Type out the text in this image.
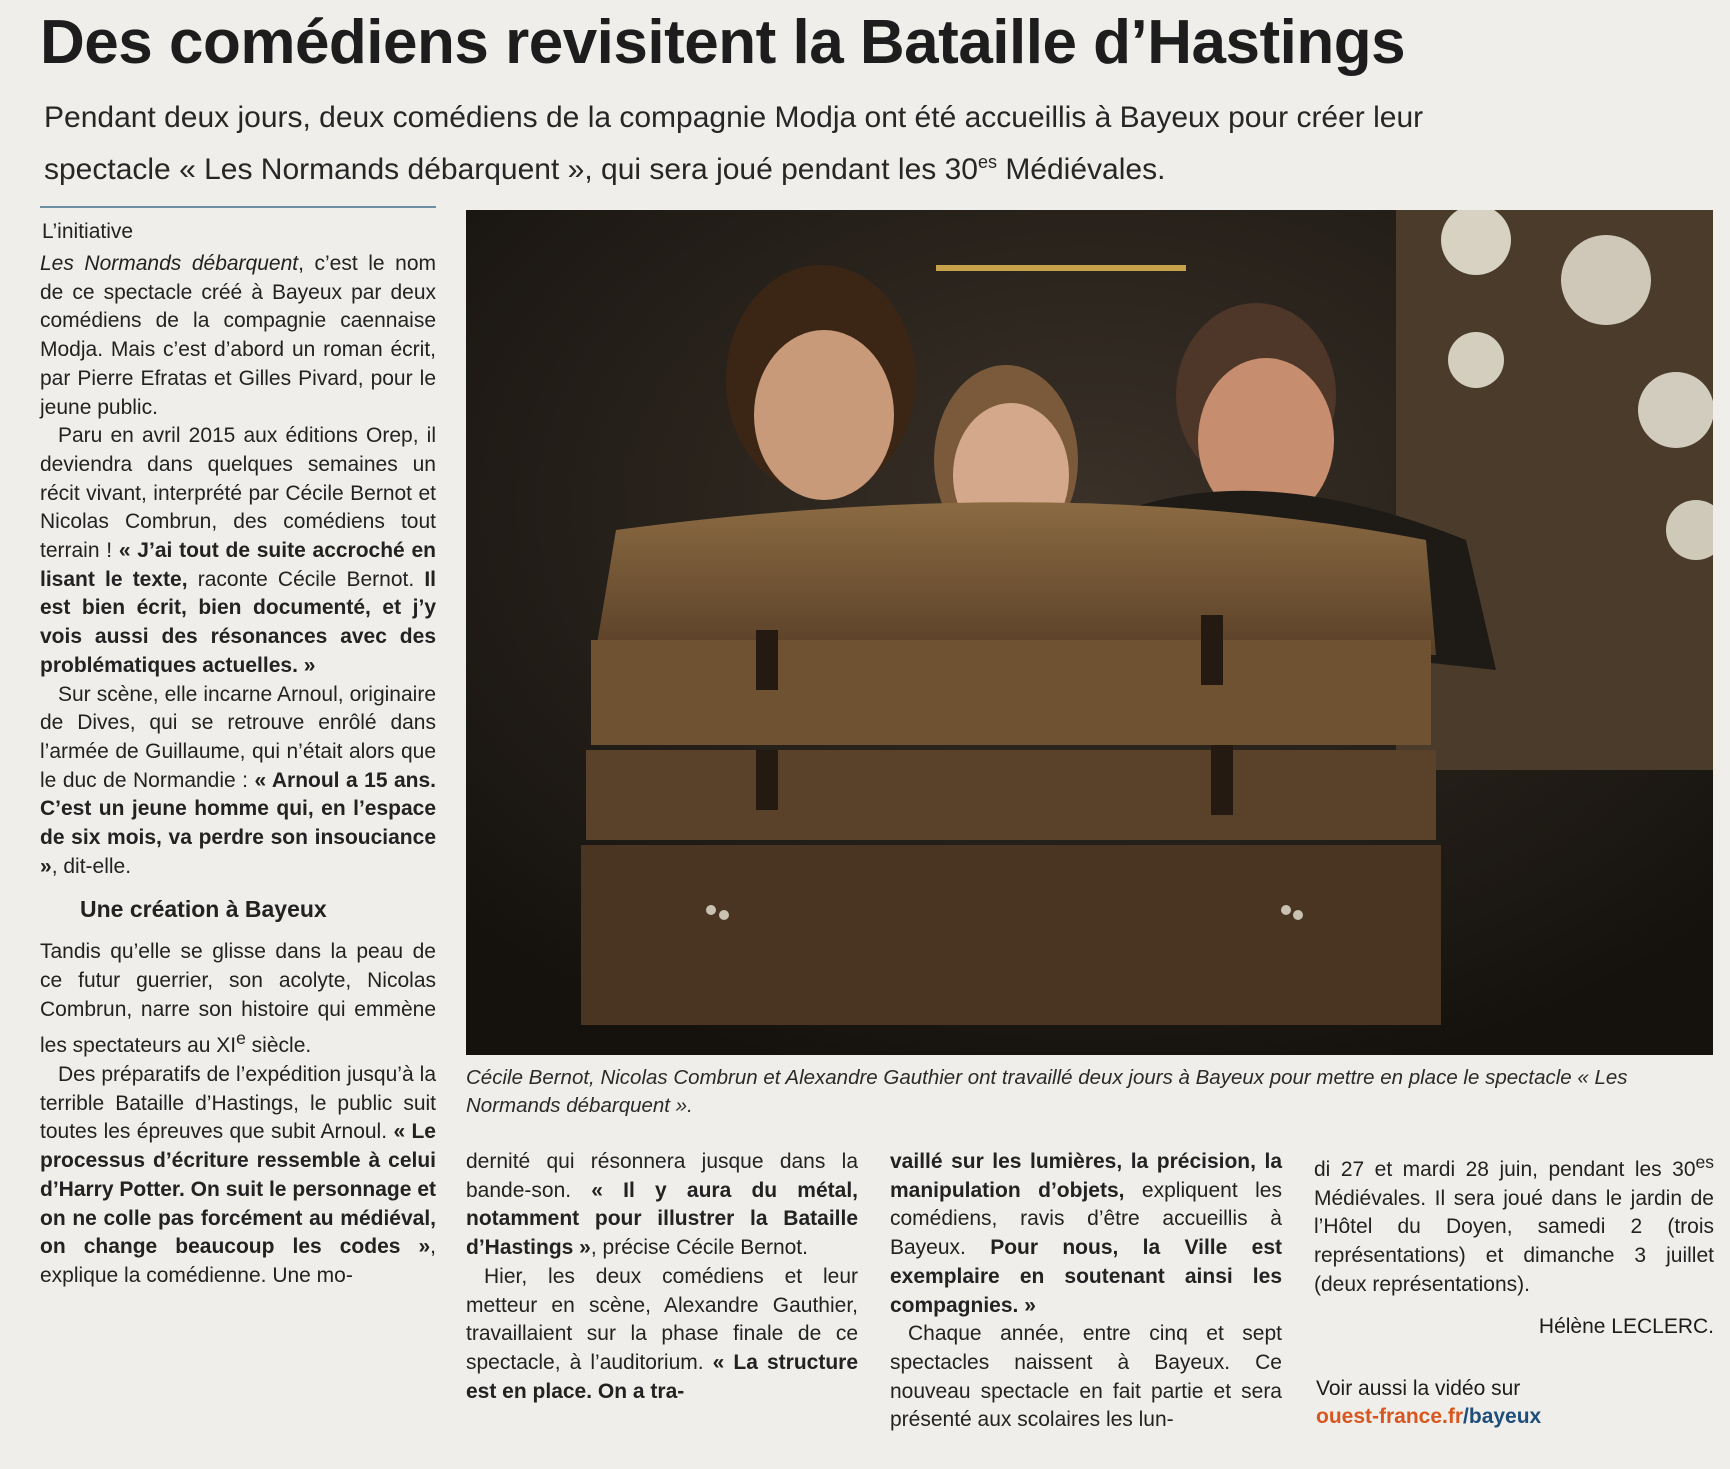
Des comédiens revisitent la Bataille d’Hastings

Pendant deux jours, deux comédiens de la compagnie Modja ont été accueillis à Bayeux pour créer leur spectacle « Les Normands débarquent », qui sera joué pendant les $30^{es}$ Médiévales.

L’initiative

Les Normands débarquent, c’est le nom de ce spectacle créé à Bayeux par deux comédiens de la compagnie caennaise Modja. Mais c’est d’abord un roman écrit, par Pierre Efratas et Gilles Pivard, pour le jeune public.

Paru en avril 2015 aux éditions Orep, il deviendra dans quelques semaines un récit vivant, interprété par Cécile Bernot et Nicolas Combrun, des comédiens tout terrain ! « J’ai tout de suite accroché en lisant le texte, raconte Cécile Bernot. Il est bien écrit, bien documenté, et j’y vois aussi des résonances avec des problématiques actuelles. »

Sur scène, elle incarne Arnoul, originaire de Dives, qui se retrouve enrôlé dans l’armée de Guillaume, qui n’était alors que le duc de Normandie : « Arnoul a 15 ans. C’est un jeune homme qui, en l’espace de six mois, va perdre son insouciance », dit-elle.

Une création à Bayeux

Tandis qu’elle se glisse dans la peau de ce futur guerrier, son acolyte, Nicolas Combrun, narre son histoire qui emmène les spectateurs au XIe siècle.

Des préparatifs de l’expédition jusqu’à la terrible Bataille d’Hastings, le public suit toutes les épreuves que subit Arnoul. « Le processus d’écriture ressemble à celui d’Harry Potter. On suit le personnage et on ne colle pas forcément au médiéval, on change beaucoup les codes », explique la comédienne. Une mo-

Cécile Bernot, Nicolas Combrun et Alexandre Gauthier ont travaillé deux jours à Bayeux pour mettre en place le spectacle « Les Normands débarquent ».

dernité qui résonnera jusque dans la bande-son. « Il y aura du métal, notamment pour illustrer la Bataille d’Hastings », précise Cécile Bernot.

Hier, les deux comédiens et leur metteur en scène, Alexandre Gauthier, travaillaient sur la phase finale de ce spectacle, à l’auditorium. « La structure est en place. On a tra-

vaillé sur les lumières, la précision, la manipulation d’objets, expliquent les comédiens, ravis d’être accueillis à Bayeux. Pour nous, la Ville est exemplaire en soutenant ainsi les compagnies. »

Chaque année, entre cinq et sept spectacles naissent à Bayeux. Ce nouveau spectacle en fait partie et sera présenté aux scolaires les lun-

di 27 et mardi 28 juin, pendant les $30^{es}$ Médiévales. Il sera joué dans le jardin de l’Hôtel du Doyen, samedi 2 (trois représentations) et dimanche 3 juillet (deux représentations).

Hélène LECLERC.
Voir aussi la vidéo sur
ouest-france.fr/bayeux
